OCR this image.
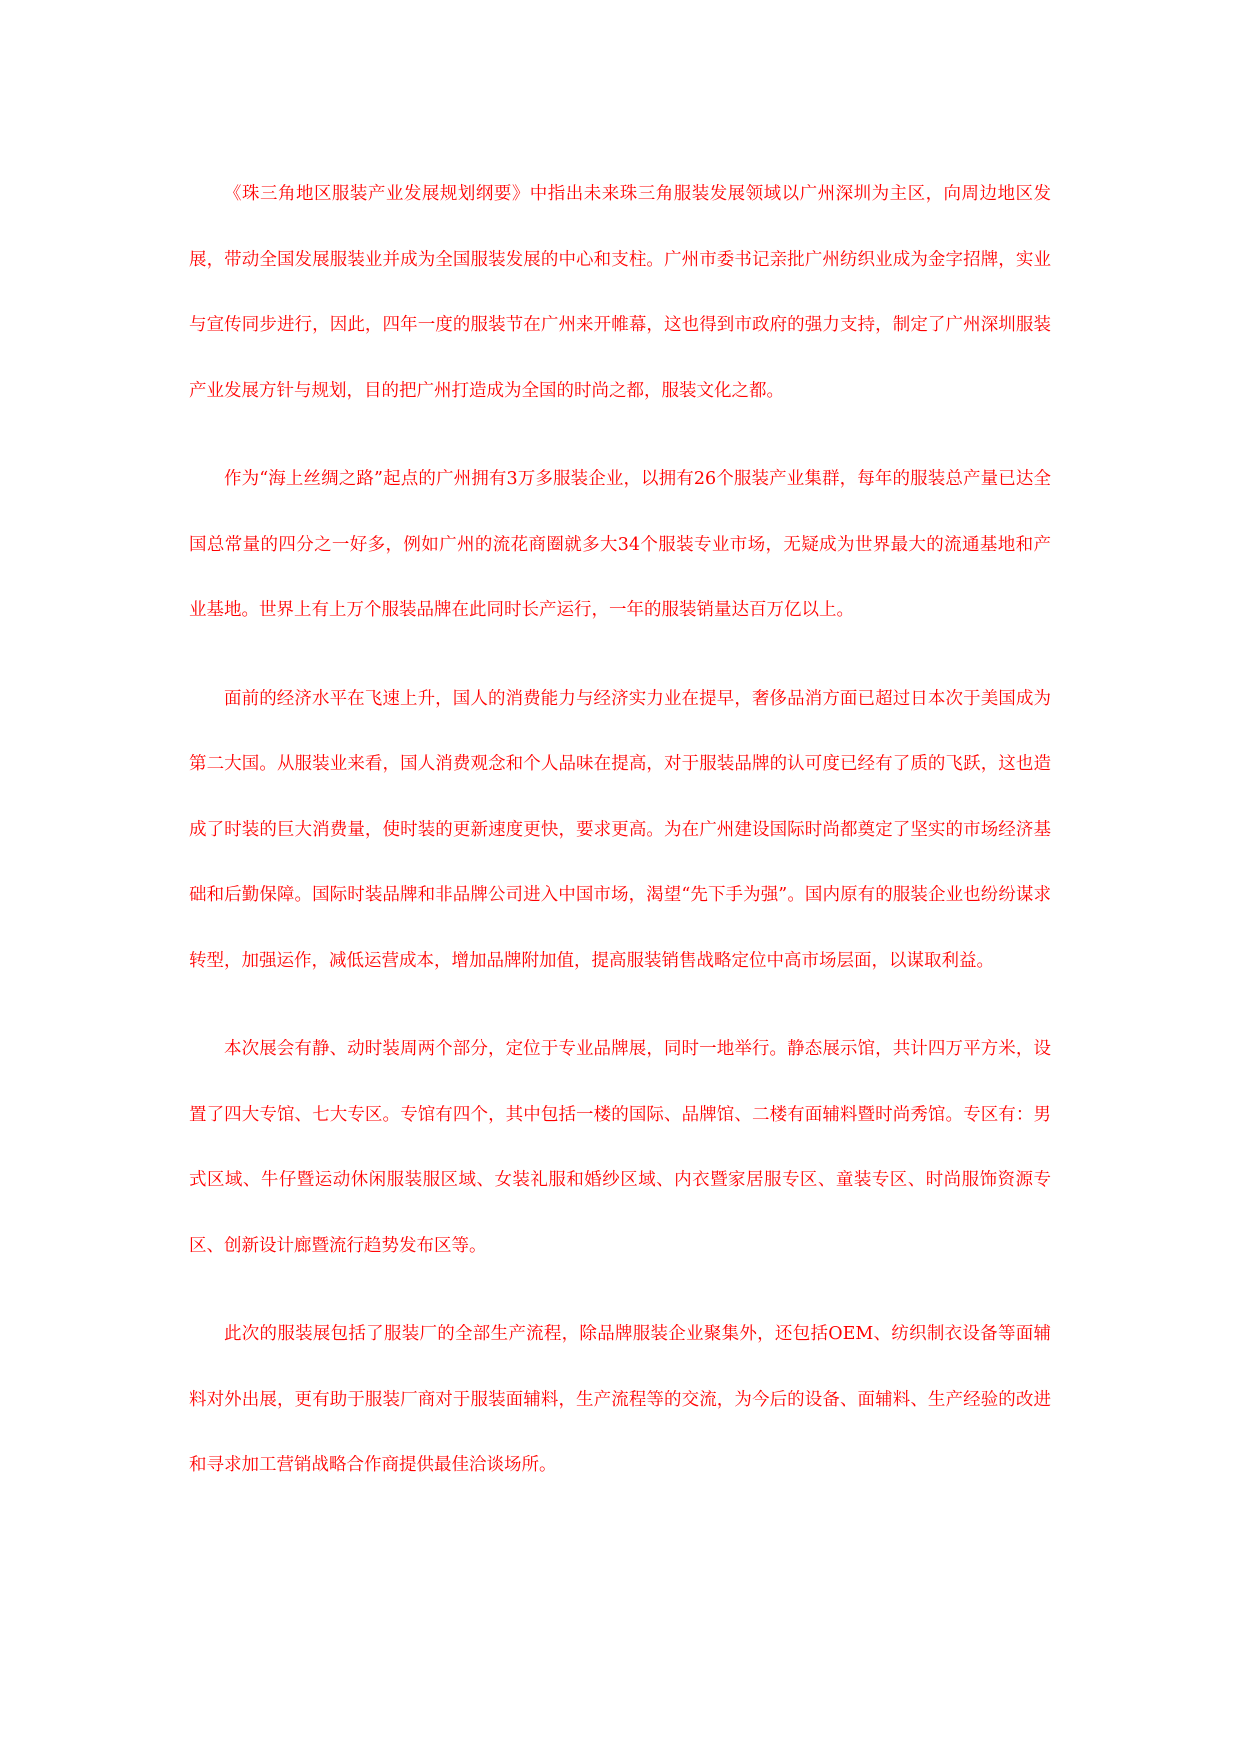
《珠三角地区服装产业发展规划纲要》中指出未来珠三角服装发展领域以广州深圳为主区，向周边地区发展，带动全国发展服装业并成为全国服装发展的中心和支柱。广州市委书记亲批广州纺织业成为金字招牌，实业与宣传同步进行，因此，四年一度的服装节在广州来开帷幕，这也得到市政府的强力支持，制定了广州深圳服装产业发展方针与规划，目的把广州打造成为全国的时尚之都，服装文化之都。

作为“海上丝绸之路”起点的广州拥有3万多服装企业，以拥有26个服装产业集群，每年的服装总产量已达全国总常量的四分之一好多，例如广州的流花商圈就多大34个服装专业市场，无疑成为世界最大的流通基地和产业基地。世界上有上万个服装品牌在此同时长产运行，一年的服装销量达百万亿以上。

面前的经济水平在飞速上升，国人的消费能力与经济实力业在提早，奢侈品消方面已超过日本次于美国成为第二大国。从服装业来看，国人消费观念和个人品味在提高，对于服装品牌的认可度已经有了质的飞跃，这也造成了时装的巨大消费量，使时装的更新速度更快，要求更高。为在广州建设国际时尚都奠定了坚实的市场经济基础和后勤保障。国际时装品牌和非品牌公司进入中国市场，渴望“先下手为强”。国内原有的服装企业也纷纷谋求转型，加强运作，减低运营成本，增加品牌附加值，提高服装销售战略定位中高市场层面，以谋取利益。

本次展会有静、动时装周两个部分，定位于专业品牌展，同时一地举行。静态展示馆，共计四万平方米，设置了四大专馆、七大专区。专馆有四个，其中包括一楼的国际、品牌馆、二楼有面辅料暨时尚秀馆。专区有：男式区域、牛仔暨运动休闲服装服区域、女装礼服和婚纱区域、内衣暨家居服专区、童装专区、时尚服饰资源专区、创新设计廊暨流行趋势发布区等。

此次的服装展包括了服装厂的全部生产流程，除品牌服装企业聚集外，还包括OEM、纺织制衣设备等面辅料对外出展，更有助于服装厂商对于服装面辅料，生产流程等的交流，为今后的设备、面辅料、生产经验的改进和寻求加工营销战略合作商提供最佳洽谈场所。
